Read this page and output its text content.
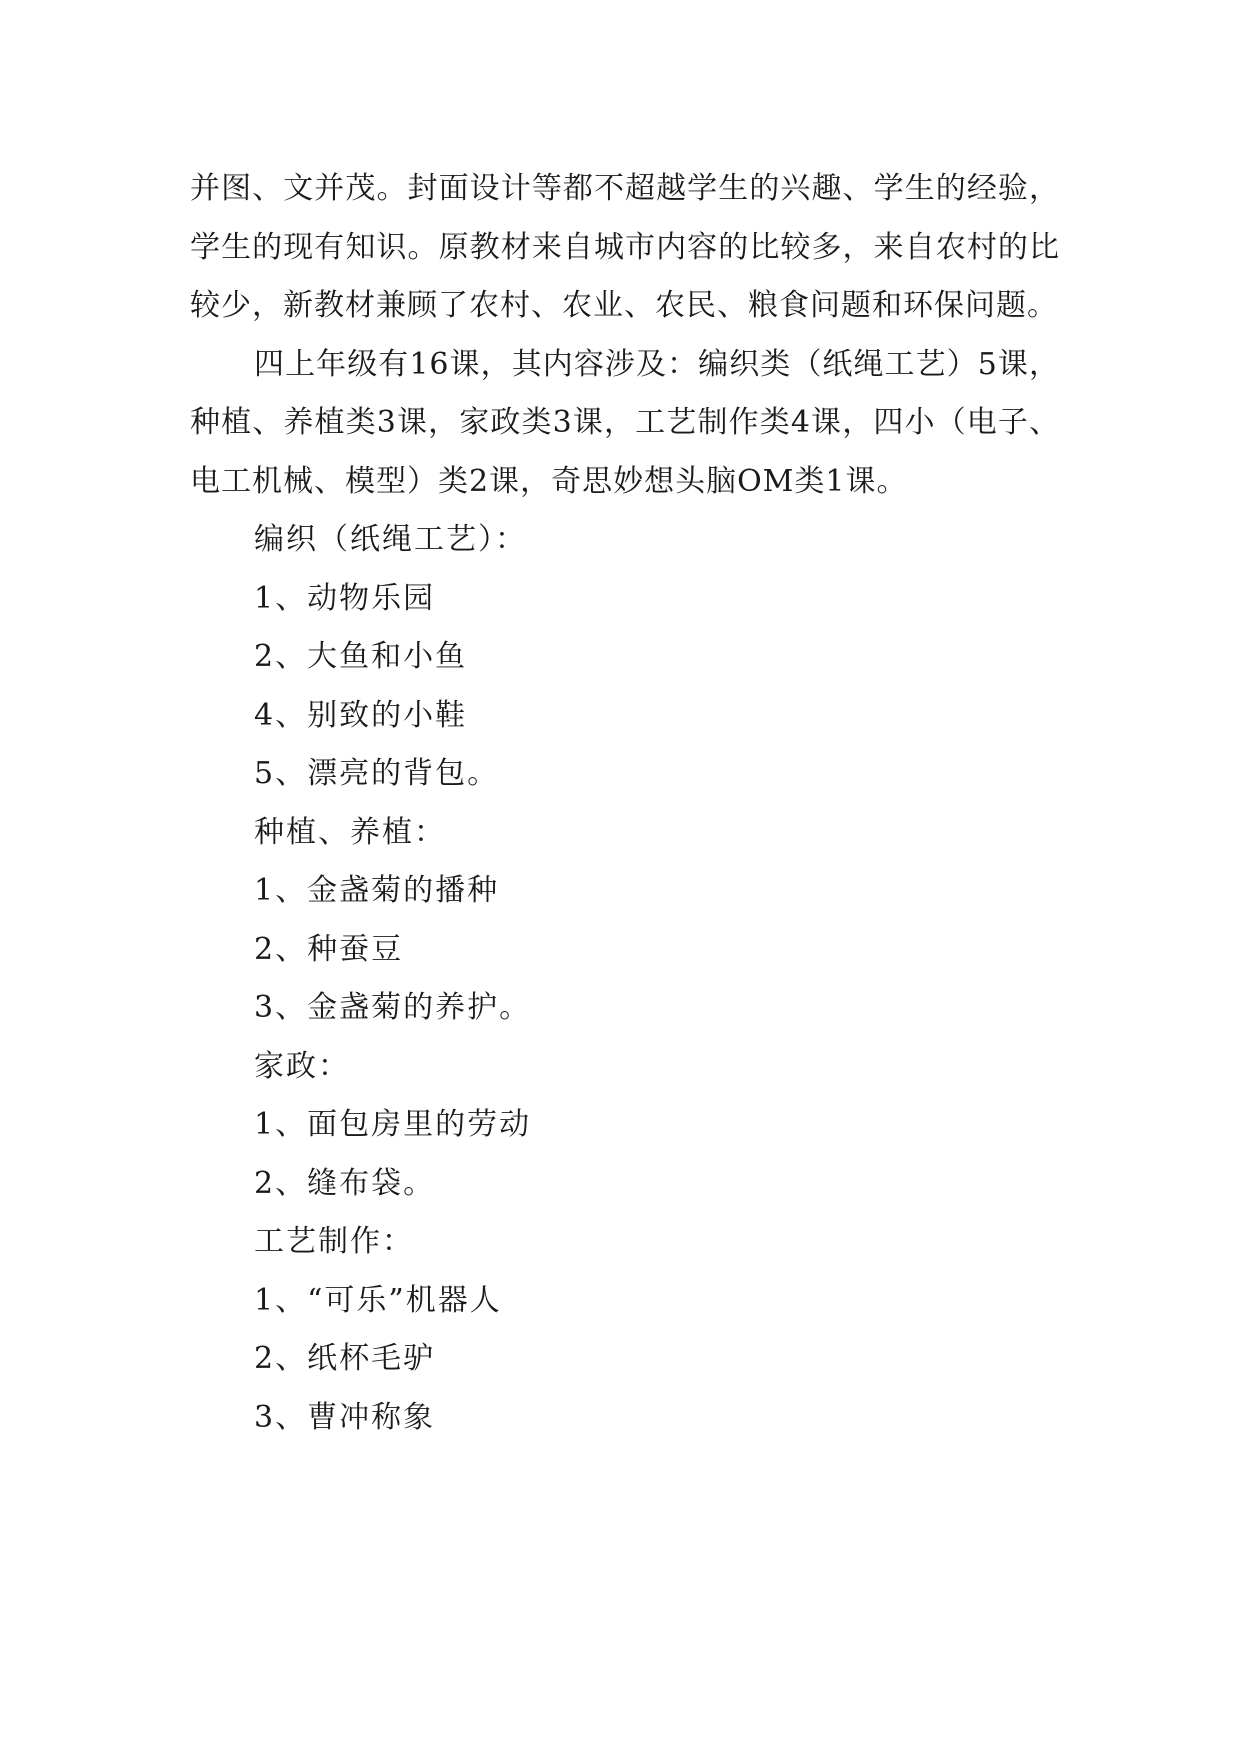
并图、文并茂。封面设计等都不超越学生的兴趣、学生的经验，学生的现有知识。原教材来自城市内容的比较多，来自农村的比较少，新教材兼顾了农村、农业、农民、粮食问题和环保问题。

四上年级有16课，其内容涉及：编织类（纸绳工艺）5课，种植、养植类3课，家政类3课，工艺制作类4课，四小（电子、电工机械、模型）类2课，奇思妙想头脑OM类1课。

编织（纸绳工艺）：

1、动物乐园

2、大鱼和小鱼

4、别致的小鞋

5、漂亮的背包。

种植、养植：

1、金盏菊的播种

2、种蚕豆

3、金盏菊的养护。

家政：

1、面包房里的劳动

2、缝布袋。

工艺制作：

1、“可乐”机器人

2、纸杯毛驴

3、曹冲称象
